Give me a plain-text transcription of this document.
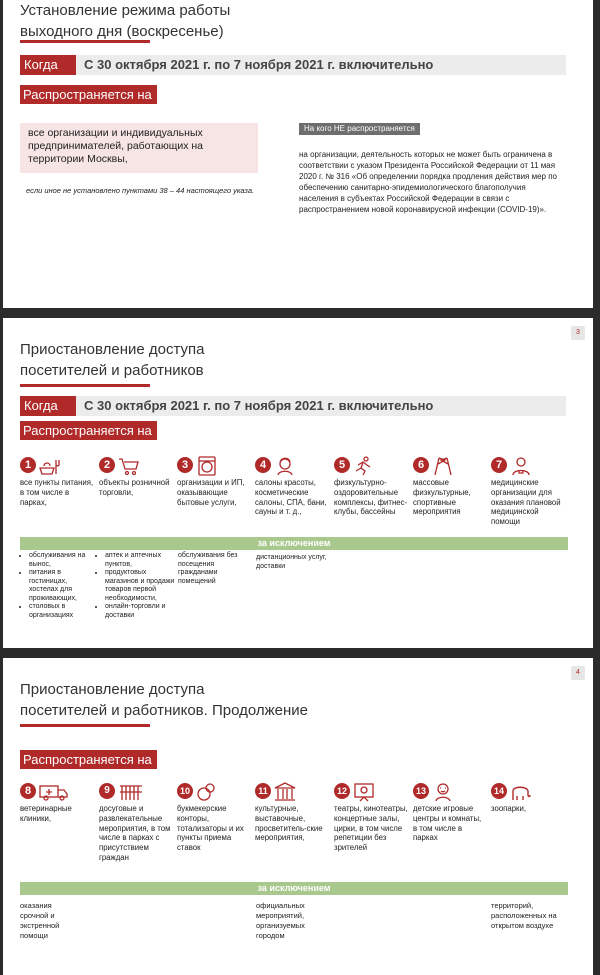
Установление режима работы
выходного дня (воскресенье)
Когда	С 30 октября 2021 г. по 7 ноября 2021 г. включительно
Распространяется на
все организации и индивидуальных предпринимателей, работающих на территории Москвы,
если иное не установлено пунктами 38 – 44 настоящего указа.
На кого НЕ распространяется
на организации, деятельность которых не может быть ограничена в соответствии с указом Президента Российской Федерации от 11 мая 2020 г. № 316 «Об определении порядка продления действия мер по обеспечению санитарно-эпидемиологического благополучия населения в субъектах Российской Федерации в связи с распространением новой коронавирусной инфекции (COVID-19)».
3
Приостановление доступа
посетителей и работников
Когда	С 30 октября 2021 г. по 7 ноября 2021 г. включительно
Распространяется на
1
все пункты питания, в том числе в парках,
2
объекты розничной торговли,
3
организации и ИП, оказывающие бытовые услуги,
4
салоны красоты, косметические салоны, СПА, бани, сауны и т. д.,
5
физкультурно-оздоровительные комплексы, фитнес-клубы, бассейны
6
массовые физкультурные, спортивные мероприятия
7
медицинские организации для оказания плановой медицинской помощи
за исключением
• обслуживания на вынос,
• питания в гостиницах, хостелах для проживающих,
• столовых в организациях
• аптек и аптечных пунктов,
• продуктовых магазинов и продажи товаров первой необходимости,
• онлайн-торговли и доставки
обслуживания без посещения гражданами помещений
дистанционных услуг, доставки
4
Приостановление доступа
посетителей и работников. Продолжение
Распространяется на
8
ветеринарные клиники,
9
досуговые и развлекательные мероприятия, в том числе в парках с присутствием граждан
10
букмекерские конторы, тотализаторы и их пункты приема ставок
11
культурные, выставочные, просветитель-ские мероприятия,
12
театры, кинотеатры, концертные залы, цирки, в том числе репетиции без зрителей
13
детские игровые центры и комнаты, в том числе в парках
14
зоопарки,
за исключением
оказания срочной и экстренной помощи
официальных мероприятий, организуемых городом
территорий, расположенных на открытом воздухе
